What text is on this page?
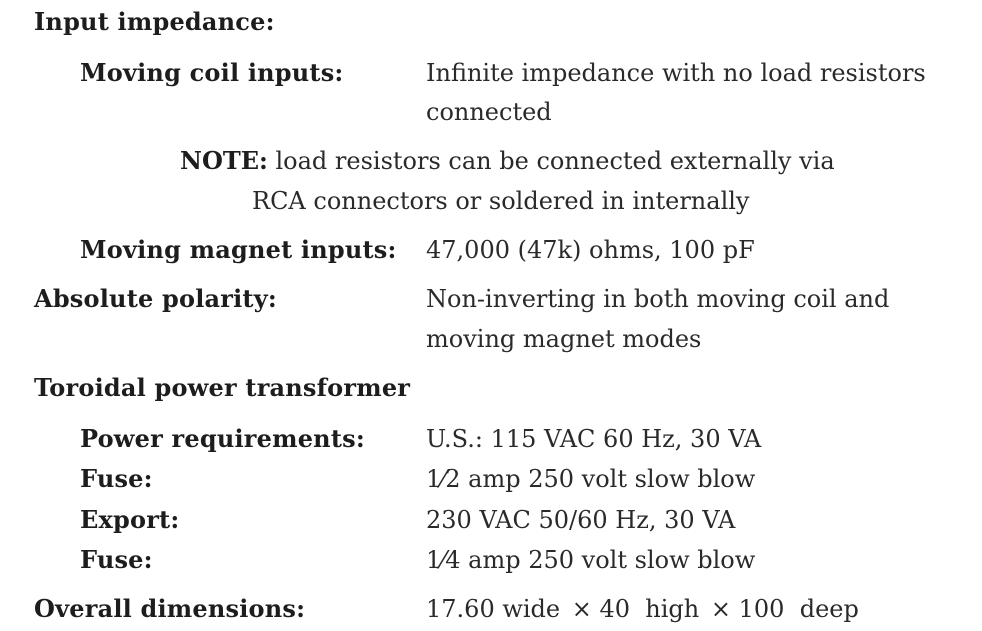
Input impedance:
Moving coil inputs:	Infinite impedance with no load resistors
connected
NOTE: load resistors can be connected externally via
RCA connectors or soldered in internally
Moving magnet inputs: 47,000 (47k) ohms, 100 pF
Absolute polarity:	Non-inverting in both moving coil and
moving magnet modes
Toroidal power transformer
Power requirements:	U.S.: 115 VAC 60 Hz, 30 VA
Fuse:	1⁄2 amp 250 volt slow blow
Export:	230 VAC 50/60 Hz, 30 VA
Fuse:	1⁄4 amp 250 volt slow blow
Overall dimensions:	17.60 wide × 40  high × 100  deep
